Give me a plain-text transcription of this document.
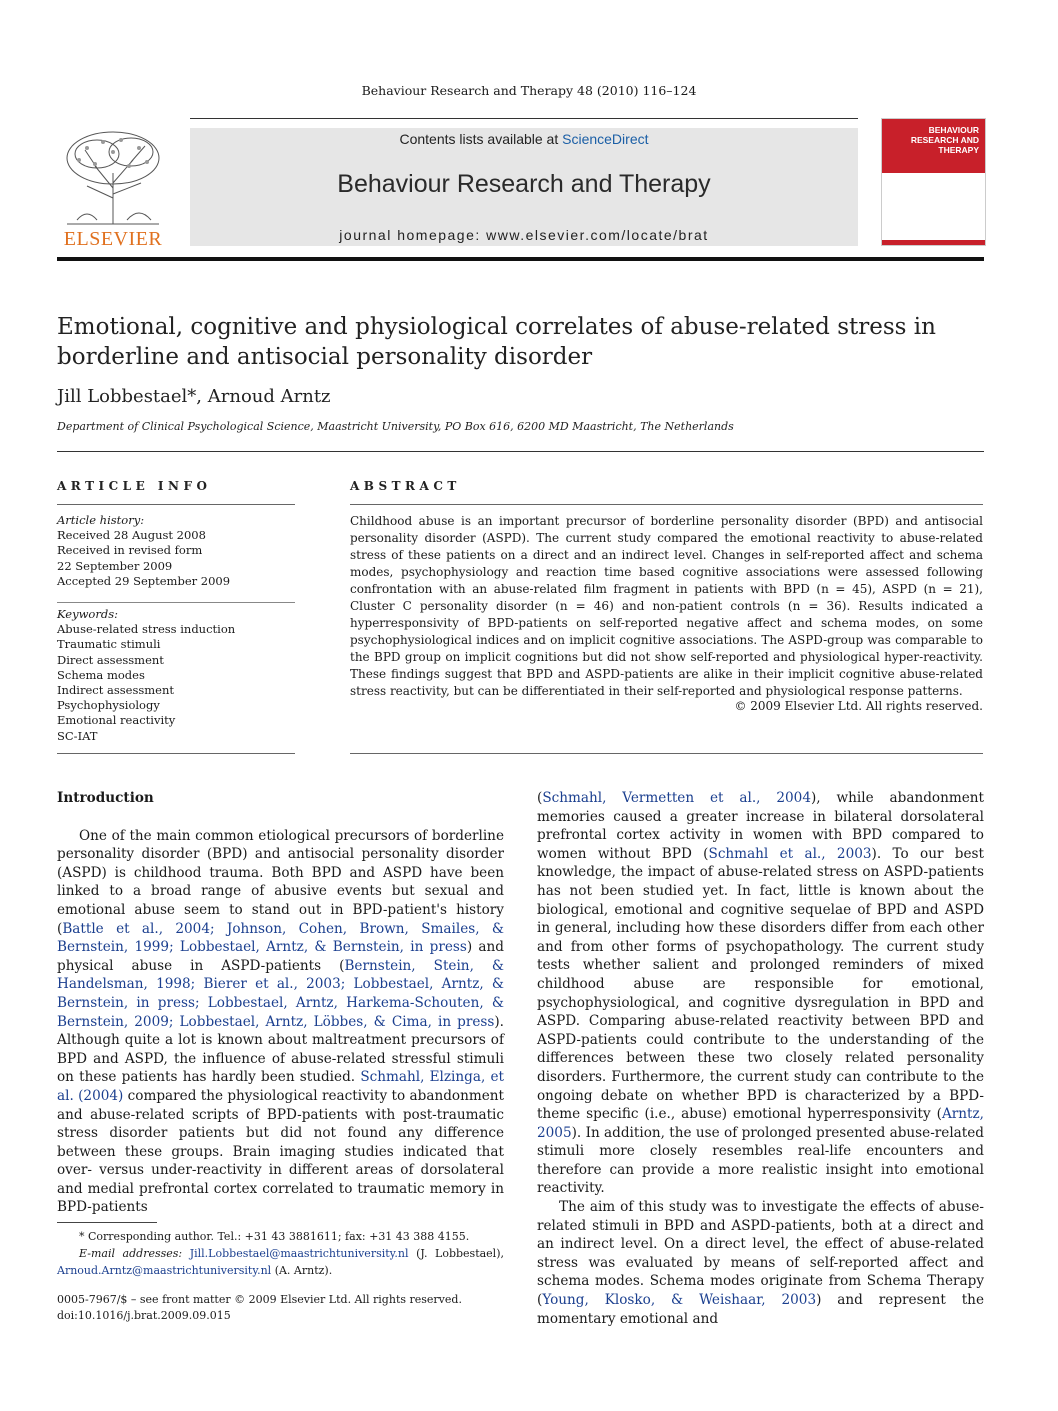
Behaviour Research and Therapy 48 (2010) 116–124
ELSEVIER
Contents lists available at ScienceDirect
Behaviour Research and Therapy
journal homepage: www.elsevier.com/locate/brat
BEHAVIOUR RESEARCH AND THERAPY
Emotional, cognitive and physiological correlates of abuse-related stress in borderline and antisocial personality disorder
Jill Lobbestael*, Arnoud Arntz
Department of Clinical Psychological Science, Maastricht University, PO Box 616, 6200 MD Maastricht, The Netherlands
ARTICLE INFO
Article history:
Received 28 August 2008
Received in revised form
22 September 2009
Accepted 29 September 2009
Keywords:
Abuse-related stress induction
Traumatic stimuli
Direct assessment
Schema modes
Indirect assessment
Psychophysiology
Emotional reactivity
SC-IAT
ABSTRACT
Childhood abuse is an important precursor of borderline personality disorder (BPD) and antisocial personality disorder (ASPD). The current study compared the emotional reactivity to abuse-related stress of these patients on a direct and an indirect level. Changes in self-reported affect and schema modes, psychophysiology and reaction time based cognitive associations were assessed following confrontation with an abuse-related film fragment in patients with BPD (n = 45), ASPD (n = 21), Cluster C personality disorder (n = 46) and non-patient controls (n = 36). Results indicated a hyperresponsivity of BPD-patients on self-reported negative affect and schema modes, on some psychophysiological indices and on implicit cognitive associations. The ASPD-group was comparable to the BPD group on implicit cognitions but did not show self-reported and physiological hyper-reactivity. These findings suggest that BPD and ASPD-patients are alike in their implicit cognitive abuse-related stress reactivity, but can be differentiated in their self-reported and physiological response patterns.
© 2009 Elsevier Ltd. All rights reserved.
Introduction

One of the main common etiological precursors of borderline personality disorder (BPD) and antisocial personality disorder (ASPD) is childhood trauma. Both BPD and ASPD have been linked to a broad range of abusive events but sexual and emotional abuse seem to stand out in BPD-patient's history (Battle et al., 2004; Johnson, Cohen, Brown, Smailes, & Bernstein, 1999; Lobbestael, Arntz, & Bernstein, in press) and physical abuse in ASPD-patients (Bernstein, Stein, & Handelsman, 1998; Bierer et al., 2003; Lobbestael, Arntz, & Bernstein, in press; Lobbestael, Arntz, Harkema-Schouten, & Bernstein, 2009; Lobbestael, Arntz, Löbbes, & Cima, in press). Although quite a lot is known about maltreatment precursors of BPD and ASPD, the influence of abuse-related stressful stimuli on these patients has hardly been studied. Schmahl, Elzinga, et al. (2004) compared the physiological reactivity to abandonment and abuse-related scripts of BPD-patients with post-traumatic stress disorder patients but did not found any difference between these groups. Brain imaging studies indicated that over- versus under-reactivity in different areas of dorsolateral and medial prefrontal cortex correlated to traumatic memory in BPD-patients

(Schmahl, Vermetten et al., 2004), while abandonment memories caused a greater increase in bilateral dorsolateral prefrontal cortex activity in women with BPD compared to women without BPD (Schmahl et al., 2003). To our best knowledge, the impact of abuse-related stress on ASPD-patients has not been studied yet. In fact, little is known about the biological, emotional and cognitive sequelae of BPD and ASPD in general, including how these disorders differ from each other and from other forms of psychopathology. The current study tests whether salient and prolonged reminders of mixed childhood abuse are responsible for emotional, psychophysiological, and cognitive dysregulation in BPD and ASPD. Comparing abuse-related reactivity between BPD and ASPD-patients could contribute to the understanding of the differences between these two closely related personality disorders. Furthermore, the current study can contribute to the ongoing debate on whether BPD is characterized by a BPD-theme specific (i.e., abuse) emotional hyperresponsivity (Arntz, 2005). In addition, the use of prolonged presented abuse-related stimuli more closely resembles real-life encounters and therefore can provide a more realistic insight into emotional reactivity.

The aim of this study was to investigate the effects of abuse-related stimuli in BPD and ASPD-patients, both at a direct and an indirect level. On a direct level, the effect of abuse-related stress was evaluated by means of self-reported affect and schema modes. Schema modes originate from Schema Therapy (Young, Klosko, & Weishaar, 2003) and represent the momentary emotional and

* Corresponding author. Tel.: +31 43 3881611; fax: +31 43 388 4155.
E-mail addresses: Jill.Lobbestael@maastrichtuniversity.nl (J. Lobbestael), Arnoud.Arntz@maastrichtuniversity.nl (A. Arntz).
0005-7967/$ – see front matter © 2009 Elsevier Ltd. All rights reserved.
doi:10.1016/j.brat.2009.09.015
